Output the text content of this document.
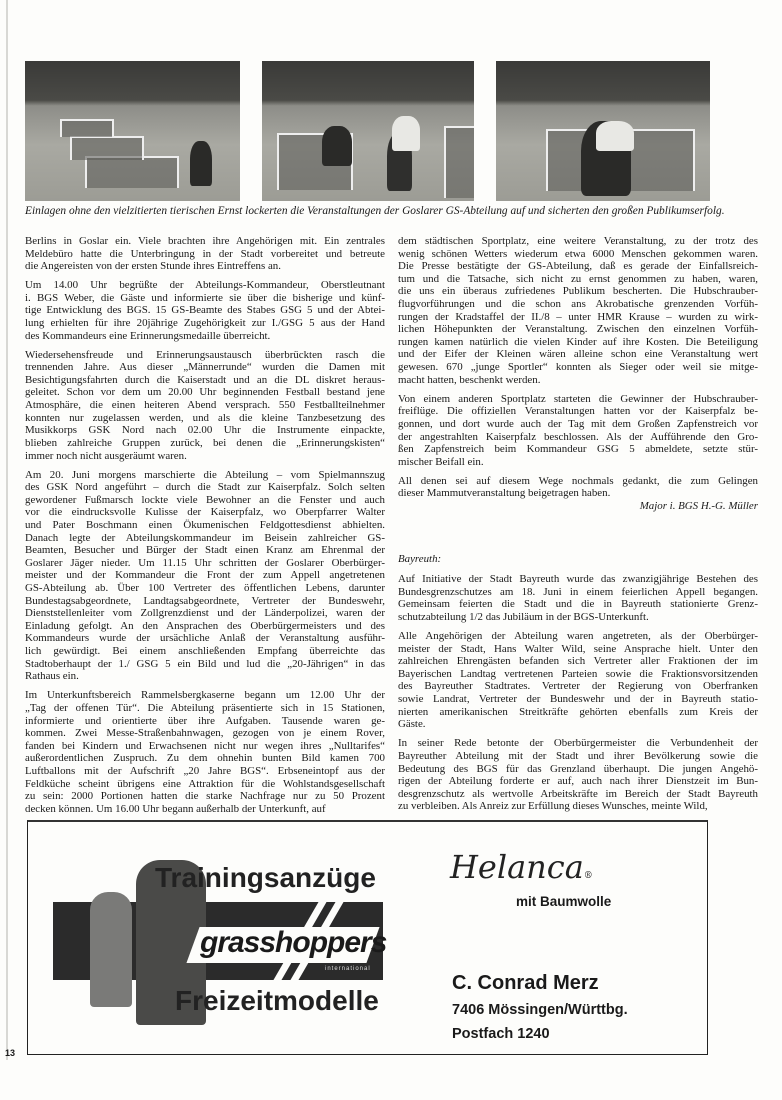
Einlagen ohne den vielzitierten tierischen Ernst lockerten die Veranstaltungen der Goslarer GS-Abteilung auf und sicherten den großen Publikumserfolg.
Berlins in Goslar ein. Viele brachten ihre Angehörigen mit. Ein zentrales
Meldebüro hatte die Unterbringung in der Stadt vorbereitet und betreute
die Angereisten von der ersten Stunde ihres Eintreffens an.
Um 14.00 Uhr begrüßte der Abteilungs-Kommandeur, Oberstleutnant
i. BGS Weber, die Gäste und informierte sie über die bisherige und künf-
tige Entwicklung des BGS. 15 GS-Beamte des Stabes GSG 5 und der Abtei-
lung erhielten für ihre 20jährige Zugehörigkeit zur I./GSG 5 aus der Hand
des Kommandeurs eine Erinnerungsmedaille überreicht.
Wiedersehensfreude und Erinnerungsaustausch überbrückten rasch die
trennenden Jahre. Aus dieser „Männerrunde“ wurden die Damen mit
Besichtigungsfahrten durch die Kaiserstadt und an die DL diskret heraus-
geleitet. Schon vor dem um 20.00 Uhr beginnenden Festball bestand jene
Atmosphäre, die einen heiteren Abend versprach. 550 Festballteilnehmer
konnten nur zugelassen werden, und als die kleine Tanzbesetzung des
Musikkorps GSK Nord nach 02.00 Uhr die Instrumente einpackte,
blieben zahlreiche Gruppen zurück, bei denen die „Erinnerungskisten“
immer noch nicht ausgeräumt waren.
Am 20. Juni morgens marschierte die Abteilung – vom Spielmannszug
des GSK Nord angeführt – durch die Stadt zur Kaiserpfalz. Solch selten
gewordener Fußmarsch lockte viele Bewohner an die Fenster und auch
vor die eindrucksvolle Kulisse der Kaiserpfalz, wo Oberpfarrer Walter
und Pater Boschmann einen Ökumenischen Feldgottesdienst abhielten.
Danach legte der Abteilungskommandeur im Beisein zahlreicher GS-
Beamten, Besucher und Bürger der Stadt einen Kranz am Ehrenmal der
Goslarer Jäger nieder. Um 11.15 Uhr schritten der Goslarer Oberbürger-
meister und der Kommandeur die Front der zum Appell angetretenen
GS-Abteilung ab. Über 100 Vertreter des öffentlichen Lebens, darunter
Bundestagsabgeordnete, Landtagsabgeordnete, Vertreter der Bundeswehr,
Dienststellenleiter vom Zollgrenzdienst und der Länderpolizei, waren der
Einladung gefolgt. An den Ansprachen des Oberbürgermeisters und des
Kommandeurs wurde der ursächliche Anlaß der Veranstaltung ausführ-
lich gewürdigt. Bei einem anschließenden Empfang überreichte das
Stadtoberhaupt der 1./ GSG 5 ein Bild und lud die „20-Jährigen“ in das
Rathaus ein.
Im Unterkunftsbereich Rammelsbergkaserne begann um 12.00 Uhr der
„Tag der offenen Tür“. Die Abteilung präsentierte sich in 15 Stationen,
informierte und orientierte über ihre Aufgaben. Tausende waren ge-
kommen. Zwei Messe-Straßenbahnwagen, gezogen von je einem Rover,
fanden bei Kindern und Erwachsenen nicht nur wegen ihres „Nulltarifes“
außerordentlichen Zuspruch. Zu dem ohnehin bunten Bild kamen 700
Luftballons mit der Aufschrift „20 Jahre BGS“. Erbseneintopf aus der
Feldküche scheint übrigens eine Attraktion für die Wohlstandsgesellschaft
zu sein: 2000 Portionen hatten die starke Nachfrage nur zu 50 Prozent
decken können. Um 16.00 Uhr begann außerhalb der Unterkunft, auf
dem städtischen Sportplatz, eine weitere Veranstaltung, zu der trotz des
wenig schönen Wetters wiederum etwa 6000 Menschen gekommen waren.
Die Presse bestätigte der GS-Abteilung, daß es gerade der Einfallsreich-
tum und die Tatsache, sich nicht zu ernst genommen zu haben, waren,
die uns ein überaus zufriedenes Publikum bescherten. Die Hubschrauber-
flugvorführungen und die schon ans Akrobatische grenzenden Vorfüh-
rungen der Kradstaffel der II./8 – unter HMR Krause – wurden zu wirk-
lichen Höhepunkten der Veranstaltung. Zwischen den einzelnen Vorfüh-
rungen kamen natürlich die vielen Kinder auf ihre Kosten. Die Beteiligung
und der Eifer der Kleinen wären alleine schon eine Veranstaltung wert
gewesen. 670 „junge Sportler“ konnten als Sieger oder weil sie mitge-
macht hatten, beschenkt werden.
Von einem anderen Sportplatz starteten die Gewinner der Hubschrauber-
freiflüge. Die offiziellen Veranstaltungen hatten vor der Kaiserpfalz be-
gonnen, und dort wurde auch der Tag mit dem Großen Zapfenstreich vor
der angestrahlten Kaiserpfalz beschlossen. Als der Aufführende den Gro-
ßen Zapfenstreich beim Kommandeur GSG 5 abmeldete, setzte stür-
mischer Beifall ein.
All denen sei auf diesem Wege nochmals gedankt, die zum Gelingen
dieser Mammutveranstaltung beigetragen haben.
Major i. BGS H.-G. Müller
Bayreuth:
Auf Initiative der Stadt Bayreuth wurde das zwanzigjährige Bestehen des
Bundesgrenzschutzes am 18. Juni in einem feierlichen Appell begangen.
Gemeinsam feierten die Stadt und die in Bayreuth stationierte Grenz-
schutzabteilung 1/2 das Jubiläum in der BGS-Unterkunft.
Alle Angehörigen der Abteilung waren angetreten, als der Oberbürger-
meister der Stadt, Hans Walter Wild, seine Ansprache hielt. Unter den
zahlreichen Ehrengästen befanden sich Vertreter aller Fraktionen der im
Bayerischen Landtag vertretenen Parteien sowie die Fraktionsvorsitzenden
des Bayreuther Stadtrates. Vertreter der Regierung von Oberfranken
sowie Landrat, Vertreter der Bundeswehr und der in Bayreuth statio-
nierten amerikanischen Streitkräfte gehörten ebenfalls zum Kreis der
Gäste.
In seiner Rede betonte der Oberbürgermeister die Verbundenheit der
Bayreuther Abteilung mit der Stadt und ihrer Bevölkerung sowie die
Bedeutung des BGS für das Grenzland überhaupt. Die jungen Angehö-
rigen der Abteilung forderte er auf, auch nach ihrer Dienstzeit im Bun-
desgrenzschutz als wertvolle Arbeitskräfte im Bereich der Stadt Bayreuth
zu verbleiben. Als Anreiz zur Erfüllung dieses Wunsches, meinte Wild,
Trainingsanzüge
grasshoppers
international
Freizeitmodelle
Helanca®
mit Baumwolle
C. Conrad Merz
7406 Mössingen/Württbg.
Postfach 1240
13
